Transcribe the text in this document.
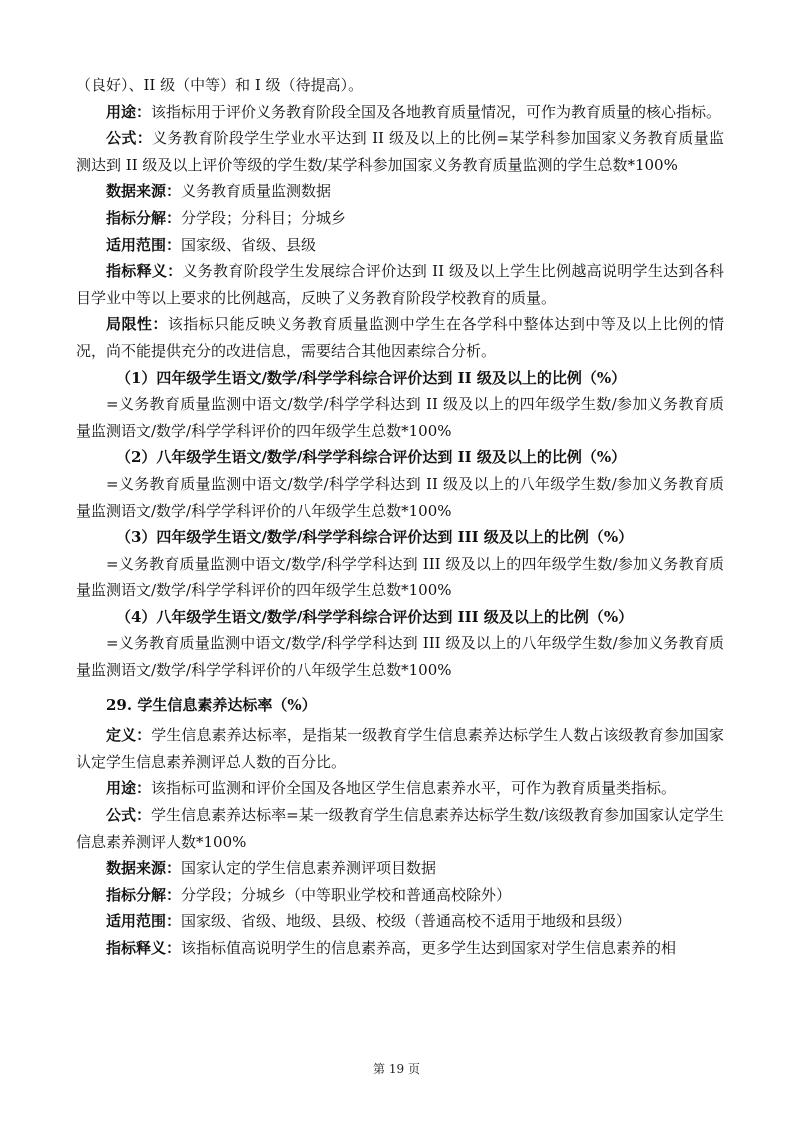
（良好）、II 级（中等）和 I 级（待提高）。

用途：该指标用于评价义务教育阶段全国及各地教育质量情况，可作为教育质量的核心指标。

公式：义务教育阶段学生学业水平达到 II 级及以上的比例=某学科参加国家义务教育质量监测达到 II 级及以上评价等级的学生数/某学科参加国家义务教育质量监测的学生总数*100%

数据来源：义务教育质量监测数据

指标分解：分学段；分科目；分城乡

适用范围：国家级、省级、县级

指标释义：义务教育阶段学生发展综合评价达到 II 级及以上学生比例越高说明学生达到各科目学业中等以上要求的比例越高，反映了义务教育阶段学校教育的质量。

局限性：该指标只能反映义务教育质量监测中学生在各学科中整体达到中等及以上比例的情况，尚不能提供充分的改进信息，需要结合其他因素综合分析。

（1）四年级学生语文/数学/科学学科综合评价达到 II 级及以上的比例（%）

=义务教育质量监测中语文/数学/科学学科达到 II 级及以上的四年级学生数/参加义务教育质量监测语文/数学/科学学科评价的四年级学生总数*100%

（2）八年级学生语文/数学/科学学科综合评价达到 II 级及以上的比例（%）

=义务教育质量监测中语文/数学/科学学科达到 II 级及以上的八年级学生数/参加义务教育质量监测语文/数学/科学学科评价的八年级学生总数*100%

（3）四年级学生语文/数学/科学学科综合评价达到 III 级及以上的比例（%）

=义务教育质量监测中语文/数学/科学学科达到 III 级及以上的四年级学生数/参加义务教育质量监测语文/数学/科学学科评价的四年级学生总数*100%

（4）八年级学生语文/数学/科学学科综合评价达到 III 级及以上的比例（%）

=义务教育质量监测中语文/数学/科学学科达到 III 级及以上的八年级学生数/参加义务教育质量监测语文/数学/科学学科评价的八年级学生总数*100%

29. 学生信息素养达标率（%）

定义：学生信息素养达标率，是指某一级教育学生信息素养达标学生人数占该级教育参加国家认定学生信息素养测评总人数的百分比。

用途：该指标可监测和评价全国及各地区学生信息素养水平，可作为教育质量类指标。

公式：学生信息素养达标率=某一级教育学生信息素养达标学生数/该级教育参加国家认定学生信息素养测评人数*100%

数据来源：国家认定的学生信息素养测评项目数据

指标分解：分学段；分城乡（中等职业学校和普通高校除外）

适用范围：国家级、省级、地级、县级、校级（普通高校不适用于地级和县级）

指标释义：该指标值高说明学生的信息素养高，更多学生达到国家对学生信息素养的相

第 19 页
